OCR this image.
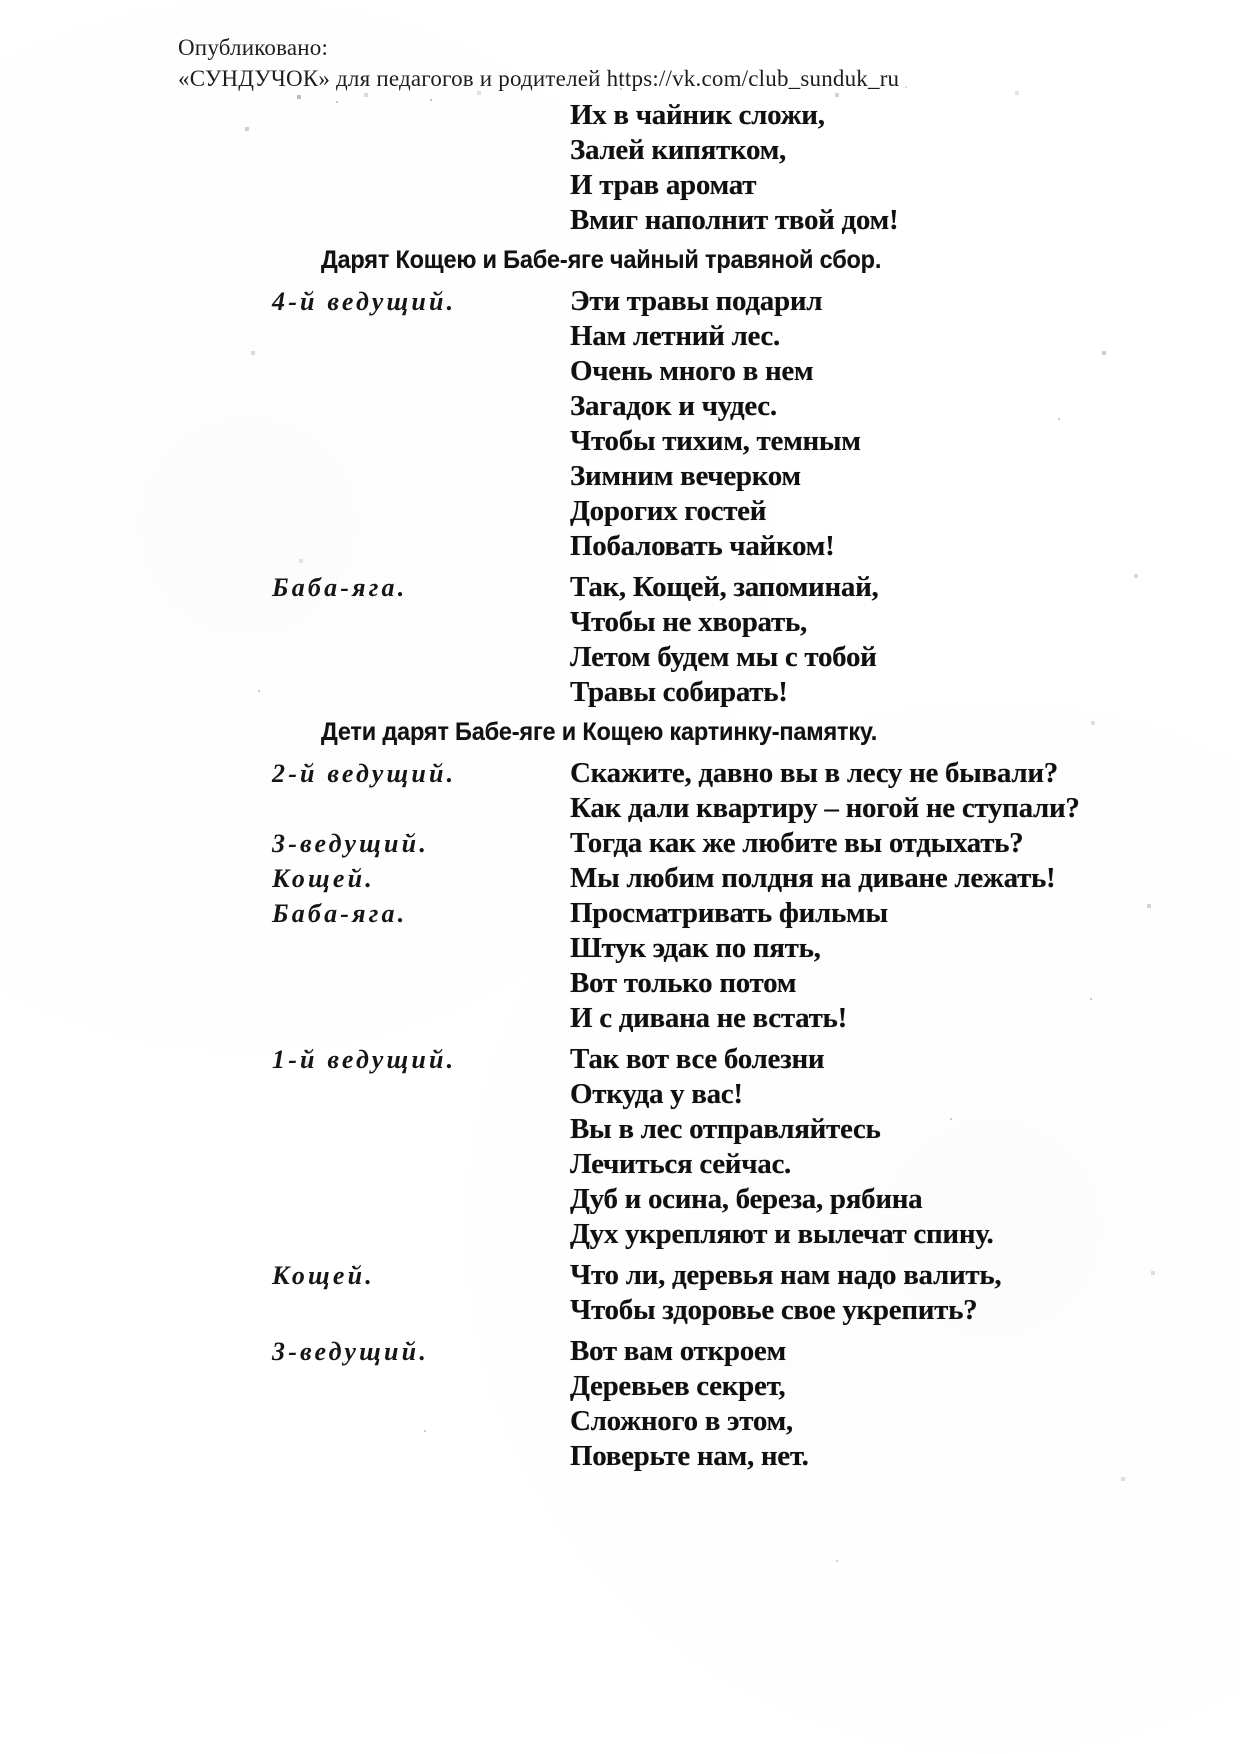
Опубликовано:
«СУНДУЧОК» для педагогов и родителей https://vk.com/club_sunduk_ru
Их в чайник сложи,
Залей кипятком,
И трав аромат
Вмиг наполнит твой дом!
Дарят Кощею и Бабе-яге чайный травяной сбор.
4-й ведущий.	Эти травы подарил
Нам летний лес.
Очень много в нем
Загадок и чудес.
Чтобы тихим, темным
Зимним вечерком
Дорогих гостей
Побаловать чайком!
Баба-яга.	Так, Кощей, запоминай,
Чтобы не хворать,
Летом будем мы с тобой
Травы собирать!
Дети дарят Бабе-яге и Кощею картинку-памятку.
2-й ведущий.	Скажите, давно вы в лесу не бывали?
Как дали квартиру – ногой не ступали?
3-ведущий.	Тогда как же любите вы отдыхать?
Кощей.	Мы любим полдня на диване лежать!
Баба-яга.	Просматривать фильмы
Штук эдак по пять,
Вот только потом
И с дивана не встать!
1-й ведущий.	Так вот все болезни
Откуда у вас!
Вы в лес отправляйтесь
Лечиться сейчас.
Дуб и осина, береза, рябина
Дух укрепляют и вылечат спину.
Кощей.	Что ли, деревья нам надо валить,
Чтобы здоровье свое укрепить?
3-ведущий.	Вот вам откроем
Деревьев секрет,
Сложного в этом,
Поверьте нам, нет.
